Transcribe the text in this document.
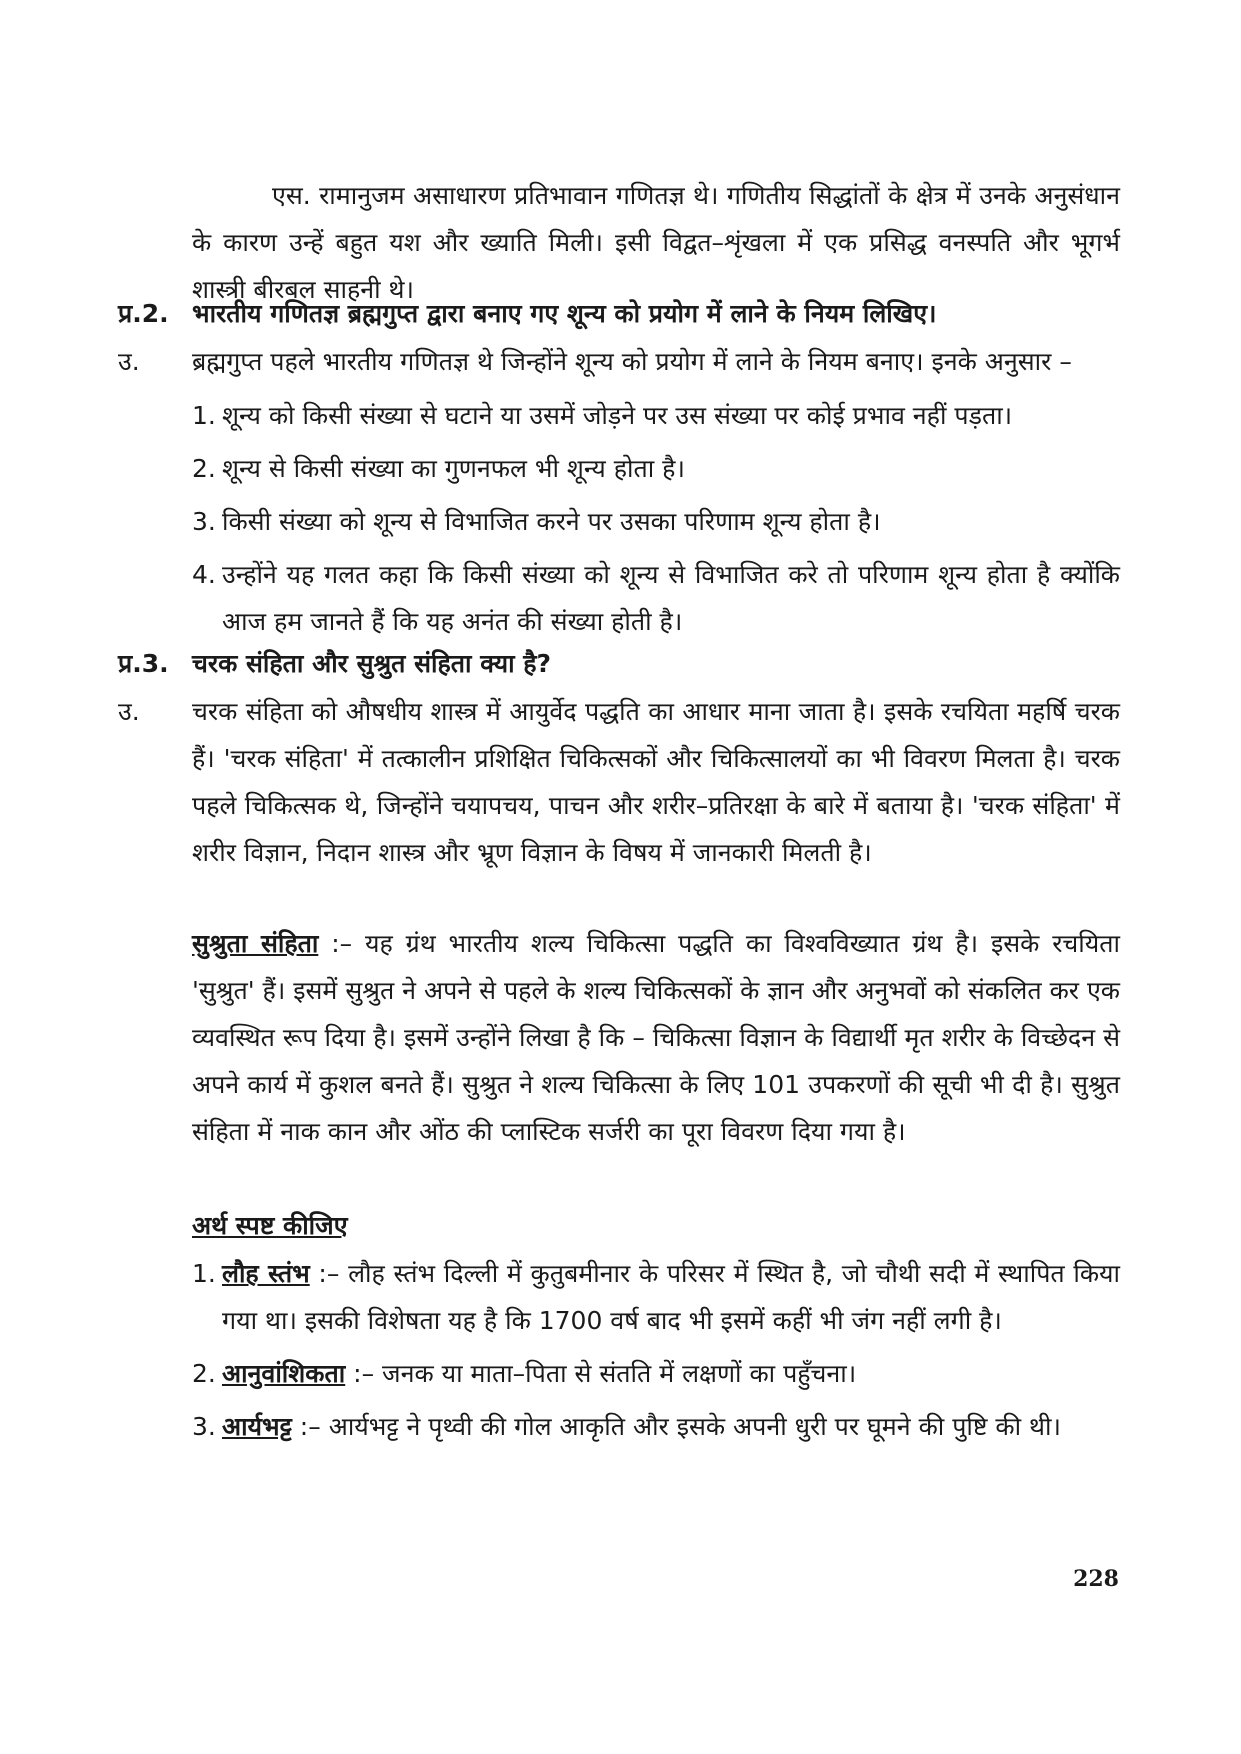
एस. रामानुजम असाधारण प्रतिभावान गणितज्ञ थे। गणितीय सिद्धांतों के क्षेत्र में उनके अनुसंधान के कारण उन्हें बहुत यश और ख्याति मिली। इसी विद्वत–शृंखला में एक प्रसिद्ध वनस्पति और भूगर्भ शास्त्री बीरबल साहनी थे।

प्र.2. भारतीय गणितज्ञ ब्रह्मगुप्त द्वारा बनाए गए शून्य को प्रयोग में लाने के नियम लिखिए।
उ. ब्रह्मगुप्त पहले भारतीय गणितज्ञ थे जिन्होंने शून्य को प्रयोग में लाने के नियम बनाए। इनके अनुसार –

1. शून्य को किसी संख्या से घटाने या उसमें जोड़ने पर उस संख्या पर कोई प्रभाव नहीं पड़ता।
2. शून्य से किसी संख्या का गुणनफल भी शून्य होता है।
3. किसी संख्या को शून्य से विभाजित करने पर उसका परिणाम शून्य होता है।
4. उन्होंने यह गलत कहा कि किसी संख्या को शून्य से विभाजित करे तो परिणाम शून्य होता है क्योंकि आज हम जानते हैं कि यह अनंत की संख्या होती है।
प्र.3. चरक संहिता और सुश्रुत संहिता क्या है?
उ. चरक संहिता को औषधीय शास्त्र में आयुर्वेद पद्धति का आधार माना जाता है। इसके रचयिता महर्षि चरक हैं। 'चरक संहिता' में तत्कालीन प्रशिक्षित चिकित्सकों और चिकित्सालयों का भी विवरण मिलता है। चरक पहले चिकित्सक थे, जिन्होंने चयापचय, पाचन और शरीर–प्रतिरक्षा के बारे में बताया है। 'चरक संहिता' में शरीर विज्ञान, निदान शास्त्र और भ्रूण विज्ञान के विषय में जानकारी मिलती है।

सुश्रुता संहिता :– यह ग्रंथ भारतीय शल्य चिकित्सा पद्धति का विश्वविख्यात ग्रंथ है। इसके रचयिता 'सुश्रुत' हैं। इसमें सुश्रुत ने अपने से पहले के शल्य चिकित्सकों के ज्ञान और अनुभवों को संकलित कर एक व्यवस्थित रूप दिया है। इसमें उन्होंने लिखा है कि – चिकित्सा विज्ञान के विद्यार्थी मृत शरीर के विच्छेदन से अपने कार्य में कुशल बनते हैं। सुश्रुत ने शल्य चिकित्सा के लिए 101 उपकरणों की सूची भी दी है। सुश्रुत संहिता में नाक कान और ओंठ की प्लास्टिक सर्जरी का पूरा विवरण दिया गया है।

अर्थ स्पष्ट कीजिए
1. लौह स्तंभ :– लौह स्तंभ दिल्ली में कुतुबमीनार के परिसर में स्थित है, जो चौथी सदी में स्थापित किया गया था। इसकी विशेषता यह है कि 1700 वर्ष बाद भी इसमें कहीं भी जंग नहीं लगी है।
2. आनुवांशिकता :– जनक या माता–पिता से संतति में लक्षणों का पहुँचना।
3. आर्यभट्ट :– आर्यभट्ट ने पृथ्वी की गोल आकृति और इसके अपनी धुरी पर घूमने की पुष्टि की थी।
228
